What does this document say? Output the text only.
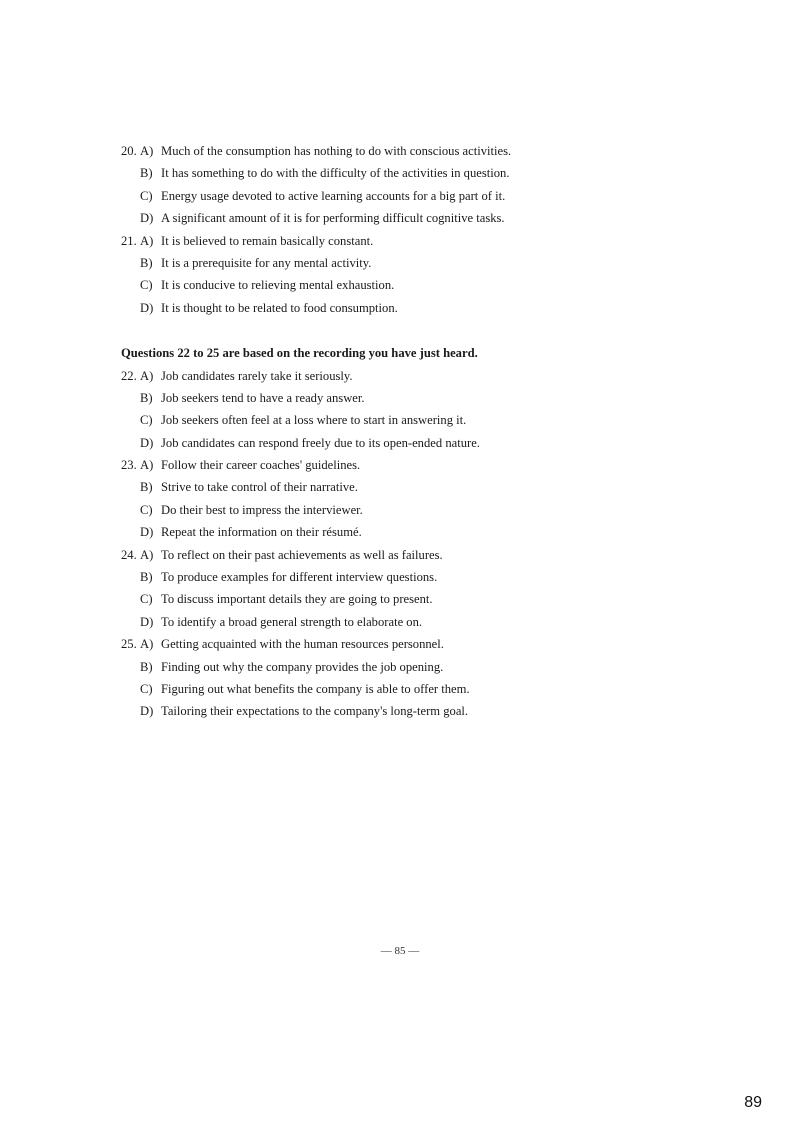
20. A) Much of the consumption has nothing to do with conscious activities.
B) It has something to do with the difficulty of the activities in question.
C) Energy usage devoted to active learning accounts for a big part of it.
D) A significant amount of it is for performing difficult cognitive tasks.
21. A) It is believed to remain basically constant.
B) It is a prerequisite for any mental activity.
C) It is conducive to relieving mental exhaustion.
D) It is thought to be related to food consumption.
Questions 22 to 25 are based on the recording you have just heard.
22. A) Job candidates rarely take it seriously.
B) Job seekers tend to have a ready answer.
C) Job seekers often feel at a loss where to start in answering it.
D) Job candidates can respond freely due to its open-ended nature.
23. A) Follow their career coaches' guidelines.
B) Strive to take control of their narrative.
C) Do their best to impress the interviewer.
D) Repeat the information on their résumé.
24. A) To reflect on their past achievements as well as failures.
B) To produce examples for different interview questions.
C) To discuss important details they are going to present.
D) To identify a broad general strength to elaborate on.
25. A) Getting acquainted with the human resources personnel.
B) Finding out why the company provides the job opening.
C) Figuring out what benefits the company is able to offer them.
D) Tailoring their expectations to the company's long-term goal.
— 85 —
89
